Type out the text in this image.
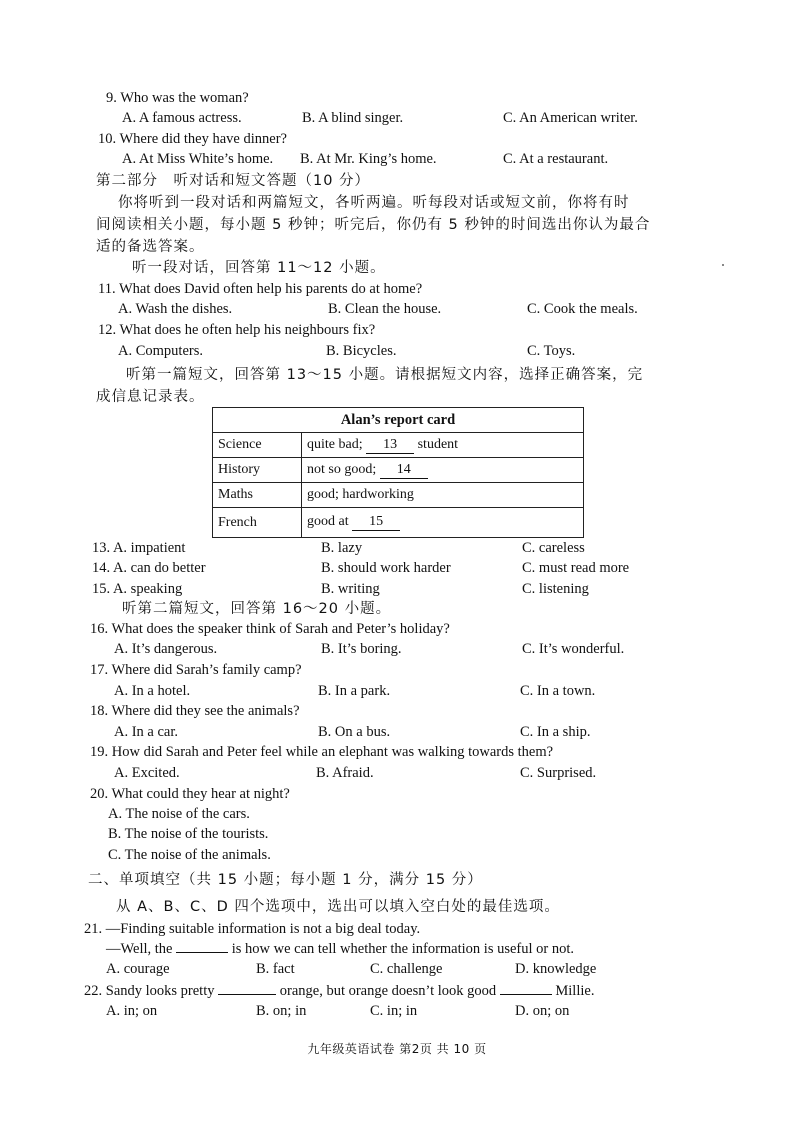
9. Who was the woman?
A. A famous actress.	B. A blind singer.	C. An American writer.
10. Where did they have dinner?
A. At Miss White’s home. B. At Mr. King’s home.	C. At a restaurant.
第二部分　听对话和短文答题（10 分）
你将听到一段对话和两篇短文，各听两遍。听每段对话或短文前，你将有时
间阅读相关小题，每小题 5 秒钟；听完后，你仍有 5 秒钟的时间选出你认为最合
适的备选答案。
听一段对话，回答第 11～12 小题。
11. What does David often help his parents do at home?
A. Wash the dishes.	B. Clean the house.	C. Cook the meals.
12. What does he often help his neighbours fix?
A. Computers.	B. Bicycles.	C. Toys.
听第一篇短文，回答第 13～15 小题。请根据短文内容，选择正确答案，完
成信息记录表。
Alan’s report card	
Science	quite bad; 13 student
History	not so good; 14
Maths	good; hardworking
French	good at 15
13. A. impatient	B. lazy	C. careless
14. A. can do better	B. should work harder	C. must read more
15. A. speaking	B. writing	C. listening
听第二篇短文，回答第 16～20 小题。
16. What does the speaker think of Sarah and Peter’s holiday?
A. It’s dangerous.	B. It’s boring.	C. It’s wonderful.
17. Where did Sarah’s family camp?
A. In a hotel.	B. In a park.	C. In a town.
18. Where did they see the animals?
A. In a car.	B. On a bus.	C. In a ship.
19. How did Sarah and Peter feel while an elephant was walking towards them?
A. Excited.	B. Afraid.	C. Surprised.
20. What could they hear at night?
A. The noise of the cars.
B. The noise of the tourists.
C. The noise of the animals.
二、单项填空（共 15 小题；每小题 1 分，满分 15 分）
从 A、B、C、D 四个选项中，选出可以填入空白处的最佳选项。
21. —Finding suitable information is not a big deal today.
—Well, the	is how we can tell whether the information is useful or not.
A. courage	B. fact	C. challenge	D. knowledge
22. Sandy looks pretty	orange, but orange doesn’t look good	Millie.
A. in; on	B. on; in	C. in; in	D. on; on
九年级英语试卷 第2页 共 10 页
